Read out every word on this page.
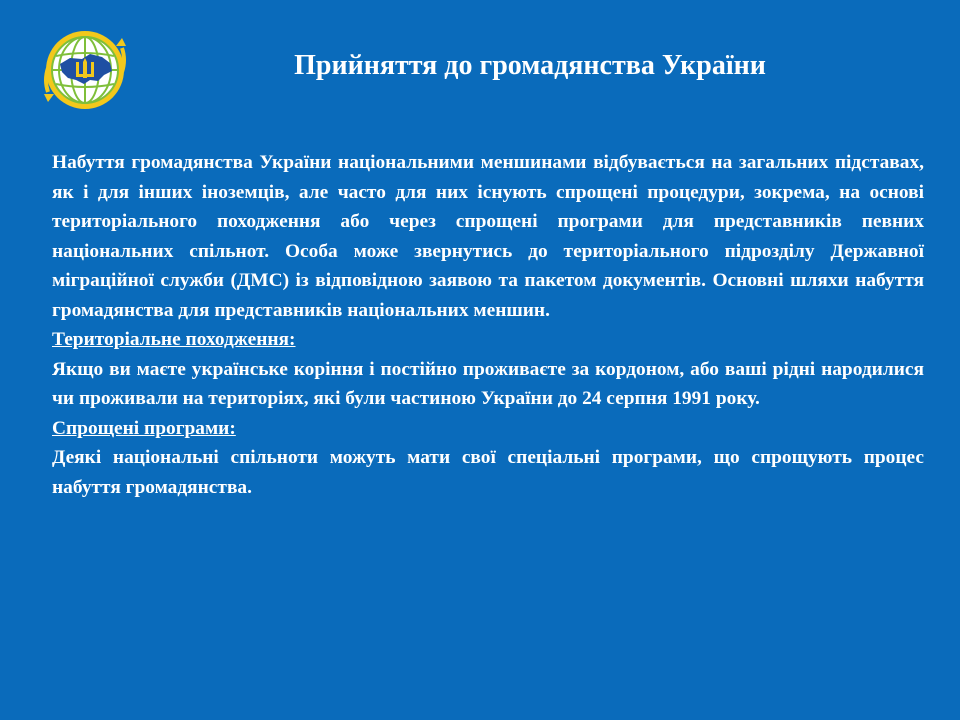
Прийняття до громадянства України

Набуття громадянства України національними меншинами відбувається на загальних підставах, як і для інших іноземців, але часто для них існують спрощені процедури, зокрема, на основі територіального походження або через спрощені програми для представників певних національних спільнот. Особа може звернутись до територіального підрозділу Державної міграційної служби (ДМС) із відповідною заявою та пакетом документів. Основні шляхи набуття громадянства для представників національних меншин.

Територіальне походження:

Якщо ви маєте українське коріння і постійно проживаєте за кордоном, або ваші рідні народилися чи проживали на територіях, які були частиною України до 24 серпня 1991 року.

Спрощені програми:

Деякі національні спільноти можуть мати свої спеціальні програми, що спрощують процес набуття громадянства.
